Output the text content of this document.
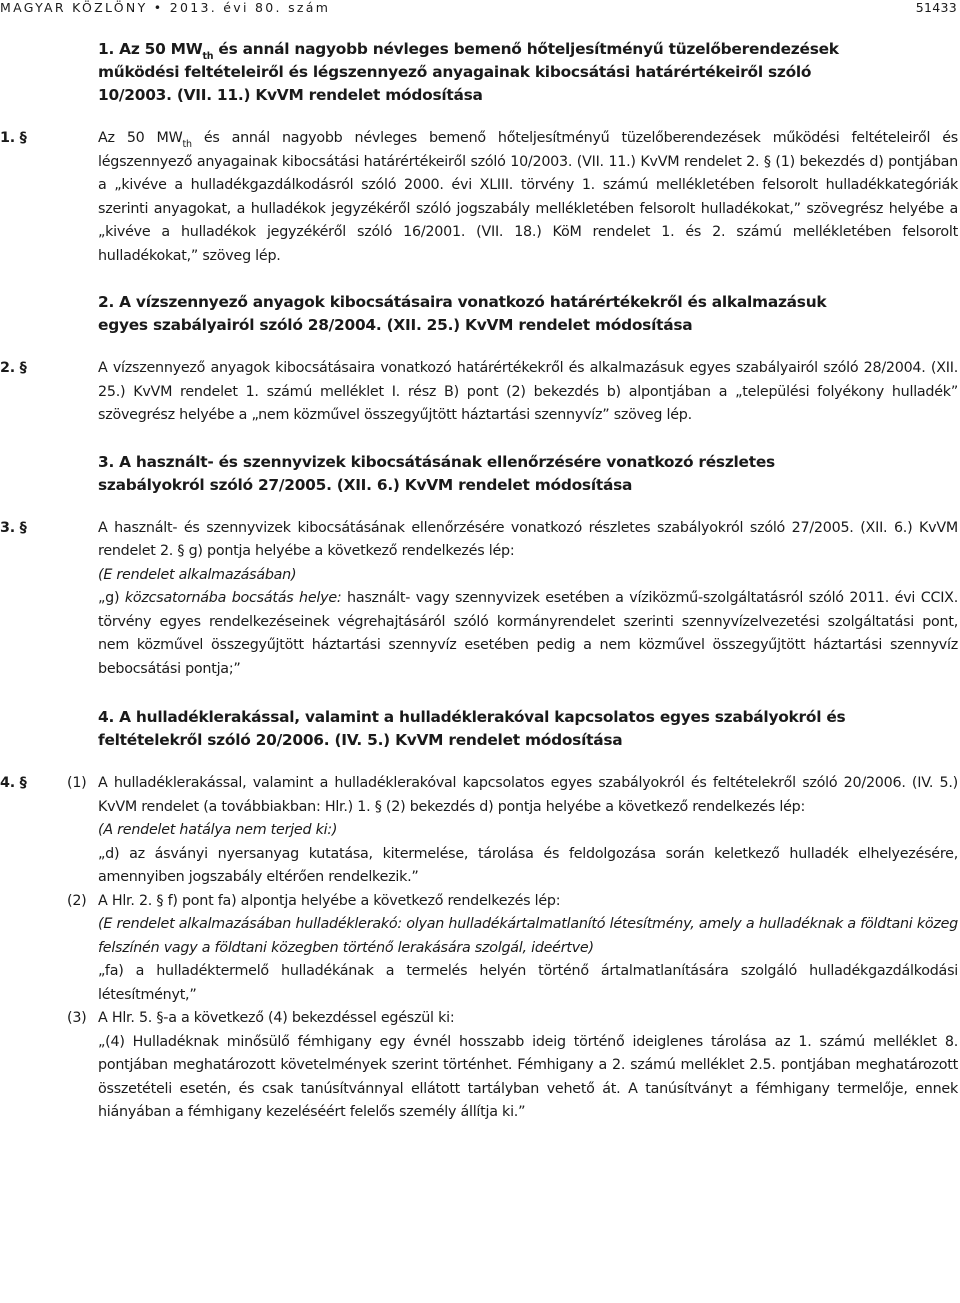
MAGYAR KÖZLÖNY • 2013. évi 80. szám	51433
1. Az 50 $MW_{th}$ és annál nagyobb névleges bemenő hőteljesítményű tüzelőberendezések működési feltételeiről és légszennyező anyagainak kibocsátási határértékeiről szóló 10/2003. (VII. 11.) KvVM rendelet módosítása
1. §	Az 50 $MW_{th}$ és annál nagyobb névleges bemenő hőteljesítményű tüzelőberendezések működési feltételeiről és légszennyező anyagainak kibocsátási határértékeiről szóló 10/2003. (VII. 11.) KvVM rendelet 2. § (1) bekezdés d) pontjában a „kivéve a hulladékgazdálkodásról szóló 2000. évi XLIII. törvény 1. számú mellékletében felsorolt hulladékkategóriák szerinti anyagokat, a hulladékok jegyzékéről szóló jogszabály mellékletében felsorolt hulladékokat,” szövegrész helyébe a „kivéve a hulladékok jegyzékéről szóló 16/2001. (VII. 18.) KöM rendelet 1. és 2. számú mellékletében felsorolt hulladékokat,” szöveg lép.
2. A vízszennyező anyagok kibocsátásaira vonatkozó határértékekről és alkalmazásuk egyes szabályairól szóló 28/2004. (XII. 25.) KvVM rendelet módosítása
2. §	A vízszennyező anyagok kibocsátásaira vonatkozó határértékekről és alkalmazásuk egyes szabályairól szóló 28/2004. (XII. 25.) KvVM rendelet 1. számú melléklet I. rész B) pont (2) bekezdés b) alpontjában a „települési folyékony hulladék” szövegrész helyébe a „nem közművel összegyűjtött háztartási szennyvíz” szöveg lép.
3. A használt- és szennyvizek kibocsátásának ellenőrzésére vonatkozó részletes szabályokról szóló 27/2005. (XII. 6.) KvVM rendelet módosítása
3. §	A használt- és szennyvizek kibocsátásának ellenőrzésére vonatkozó részletes szabályokról szóló 27/2005. (XII. 6.) KvVM rendelet 2. § g) pontja helyébe a következő rendelkezés lép:

(E rendelet alkalmazásában)

„g) közcsatornába bocsátás helye: használt- vagy szennyvizek esetében a víziközmű-szolgáltatásról szóló 2011. évi CCIX. törvény egyes rendelkezéseinek végrehajtásáról szóló kormányrendelet szerinti szennyvízelvezetési szolgáltatási pont, nem közművel összegyűjtött háztartási szennyvíz esetében pedig a nem közművel összegyűjtött háztartási szennyvíz bebocsátási pontja;”

4. A hulladéklerakással, valamint a hulladéklerakóval kapcsolatos egyes szabályokról és feltételekről szóló 20/2006. (IV. 5.) KvVM rendelet módosítása
4. §	(1) A hulladéklerakással, valamint a hulladéklerakóval kapcsolatos egyes szabályokról és feltételekről szóló 20/2006. (IV. 5.) KvVM rendelet (a továbbiakban: Hlr.) 1. § (2) bekezdés d) pontja helyébe a következő rendelkezés lép:

(A rendelet hatálya nem terjed ki:)

„d) az ásványi nyersanyag kutatása, kitermelése, tárolása és feldolgozása során keletkező hulladék elhelyezésére, amennyiben jogszabály eltérően rendelkezik.”

(2) A Hlr. 2. § f) pont fa) alpontja helyébe a következő rendelkezés lép:

(E rendelet alkalmazásában hulladéklerakó: olyan hulladékártalmatlanító létesítmény, amely a hulladéknak a földtani közeg felszínén vagy a földtani közegben történő lerakására szolgál, ideértve)

„fa) a hulladéktermelő hulladékának a termelés helyén történő ártalmatlanítására szolgáló hulladékgazdálkodási létesítményt,”

(3) A Hlr. 5. §-a a következő (4) bekezdéssel egészül ki:

„(4) Hulladéknak minősülő fémhigany egy évnél hosszabb ideig történő ideiglenes tárolása az 1. számú melléklet 8. pontjában meghatározott követelmények szerint történhet. Fémhigany a 2. számú melléklet 2.5. pontjában meghatározott összetételi esetén, és csak tanúsítvánnyal ellátott tartályban vehető át. A tanúsítványt a fémhigany termelője, ennek hiányában a fémhigany kezeléséért felelős személy állítja ki.”
